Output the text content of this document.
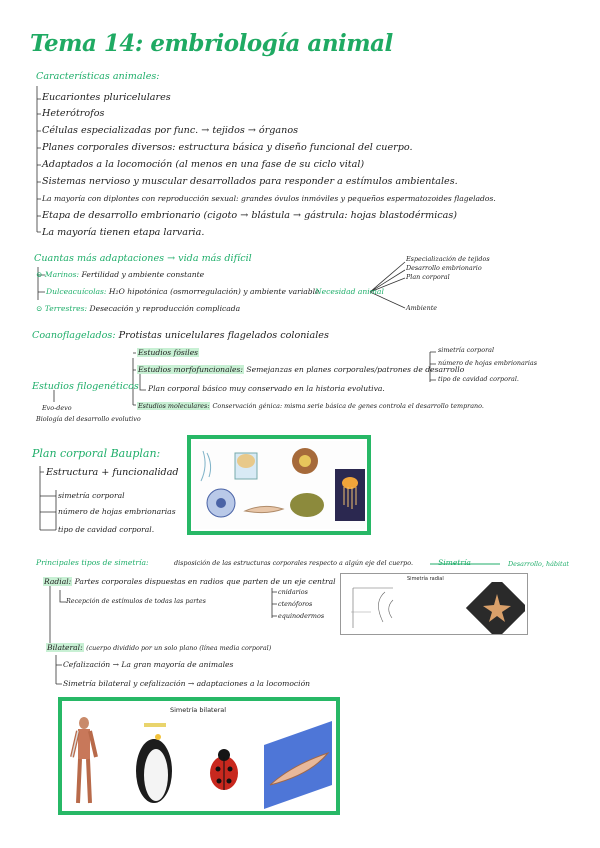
Tema 14: embriología animal
Características animales:
Eucariontes pluricelulares
Heterótrofos
Células especializadas por func. → tejidos → órganos
Planes corporales diversos: estructura básica y diseño funcional del cuerpo.
Adaptados a la locomoción (al menos en una fase de su ciclo vital)
Sistemas nervioso y muscular desarrollados para responder a estímulos ambientales.
La mayoría con diplontes con reproducción sexual: grandes óvulos inmóviles y pequeños espermatozoides flagelados.
Etapa de desarrollo embrionario (cigoto → blástula → gástrula: hojas blastodérmicas)
La mayoría tienen etapa larvaria.
Cuantas más adaptaciones → vida más difícil
⊝ Marinos: Fertilidad y ambiente constante
Dulceacuícolas: H₂O hipotónica (osmorregulación) y ambiente variable
⊙ Terrestres: Desecación y reproducción complicada
Necesidad animal
Especialización de tejidos
Desarrollo embrionario
Plan corporal
Ambiente
Coanoflagelados: Protistas unicelulares flagelados coloniales
Estudios filogenéticos
Evo-devo
Biología del desarrollo evolutivo
Estudios fósiles
Estudios morfofuncionales: Semejanzas en planes corporales/patrones de desarrollo
simetría corporal
número de hojas embrionarias
tipo de cavidad corporal.
Plan corporal básico muy conservado en la historia evolutiva.
Estudios moleculares: Conservación génica: misma serie básica de genes controla el desarrollo temprano.
Plan corporal Bauplan:
Estructura + funcionalidad
simetría corporal
número de hojas embrionarias
tipo de cavidad corporal.
Principales tipos de simetría:	disposición de las estructuras corporales respecto a algún eje del cuerpo.	Simetría	Desarrollo, hábitat
Radial: Partes corporales dispuestas en radios que parten de un eje central
Recepción de estímulos de todas las partes
cnidarios
ctenóforos
equinodermos
Simetría radial
Bilateral: (cuerpo dividido por un solo plano (línea media corporal)
Cefalización → La gran mayoría de animales
Simetría bilateral y cefalización → adaptaciones a la locomoción
Simetría bilateral
